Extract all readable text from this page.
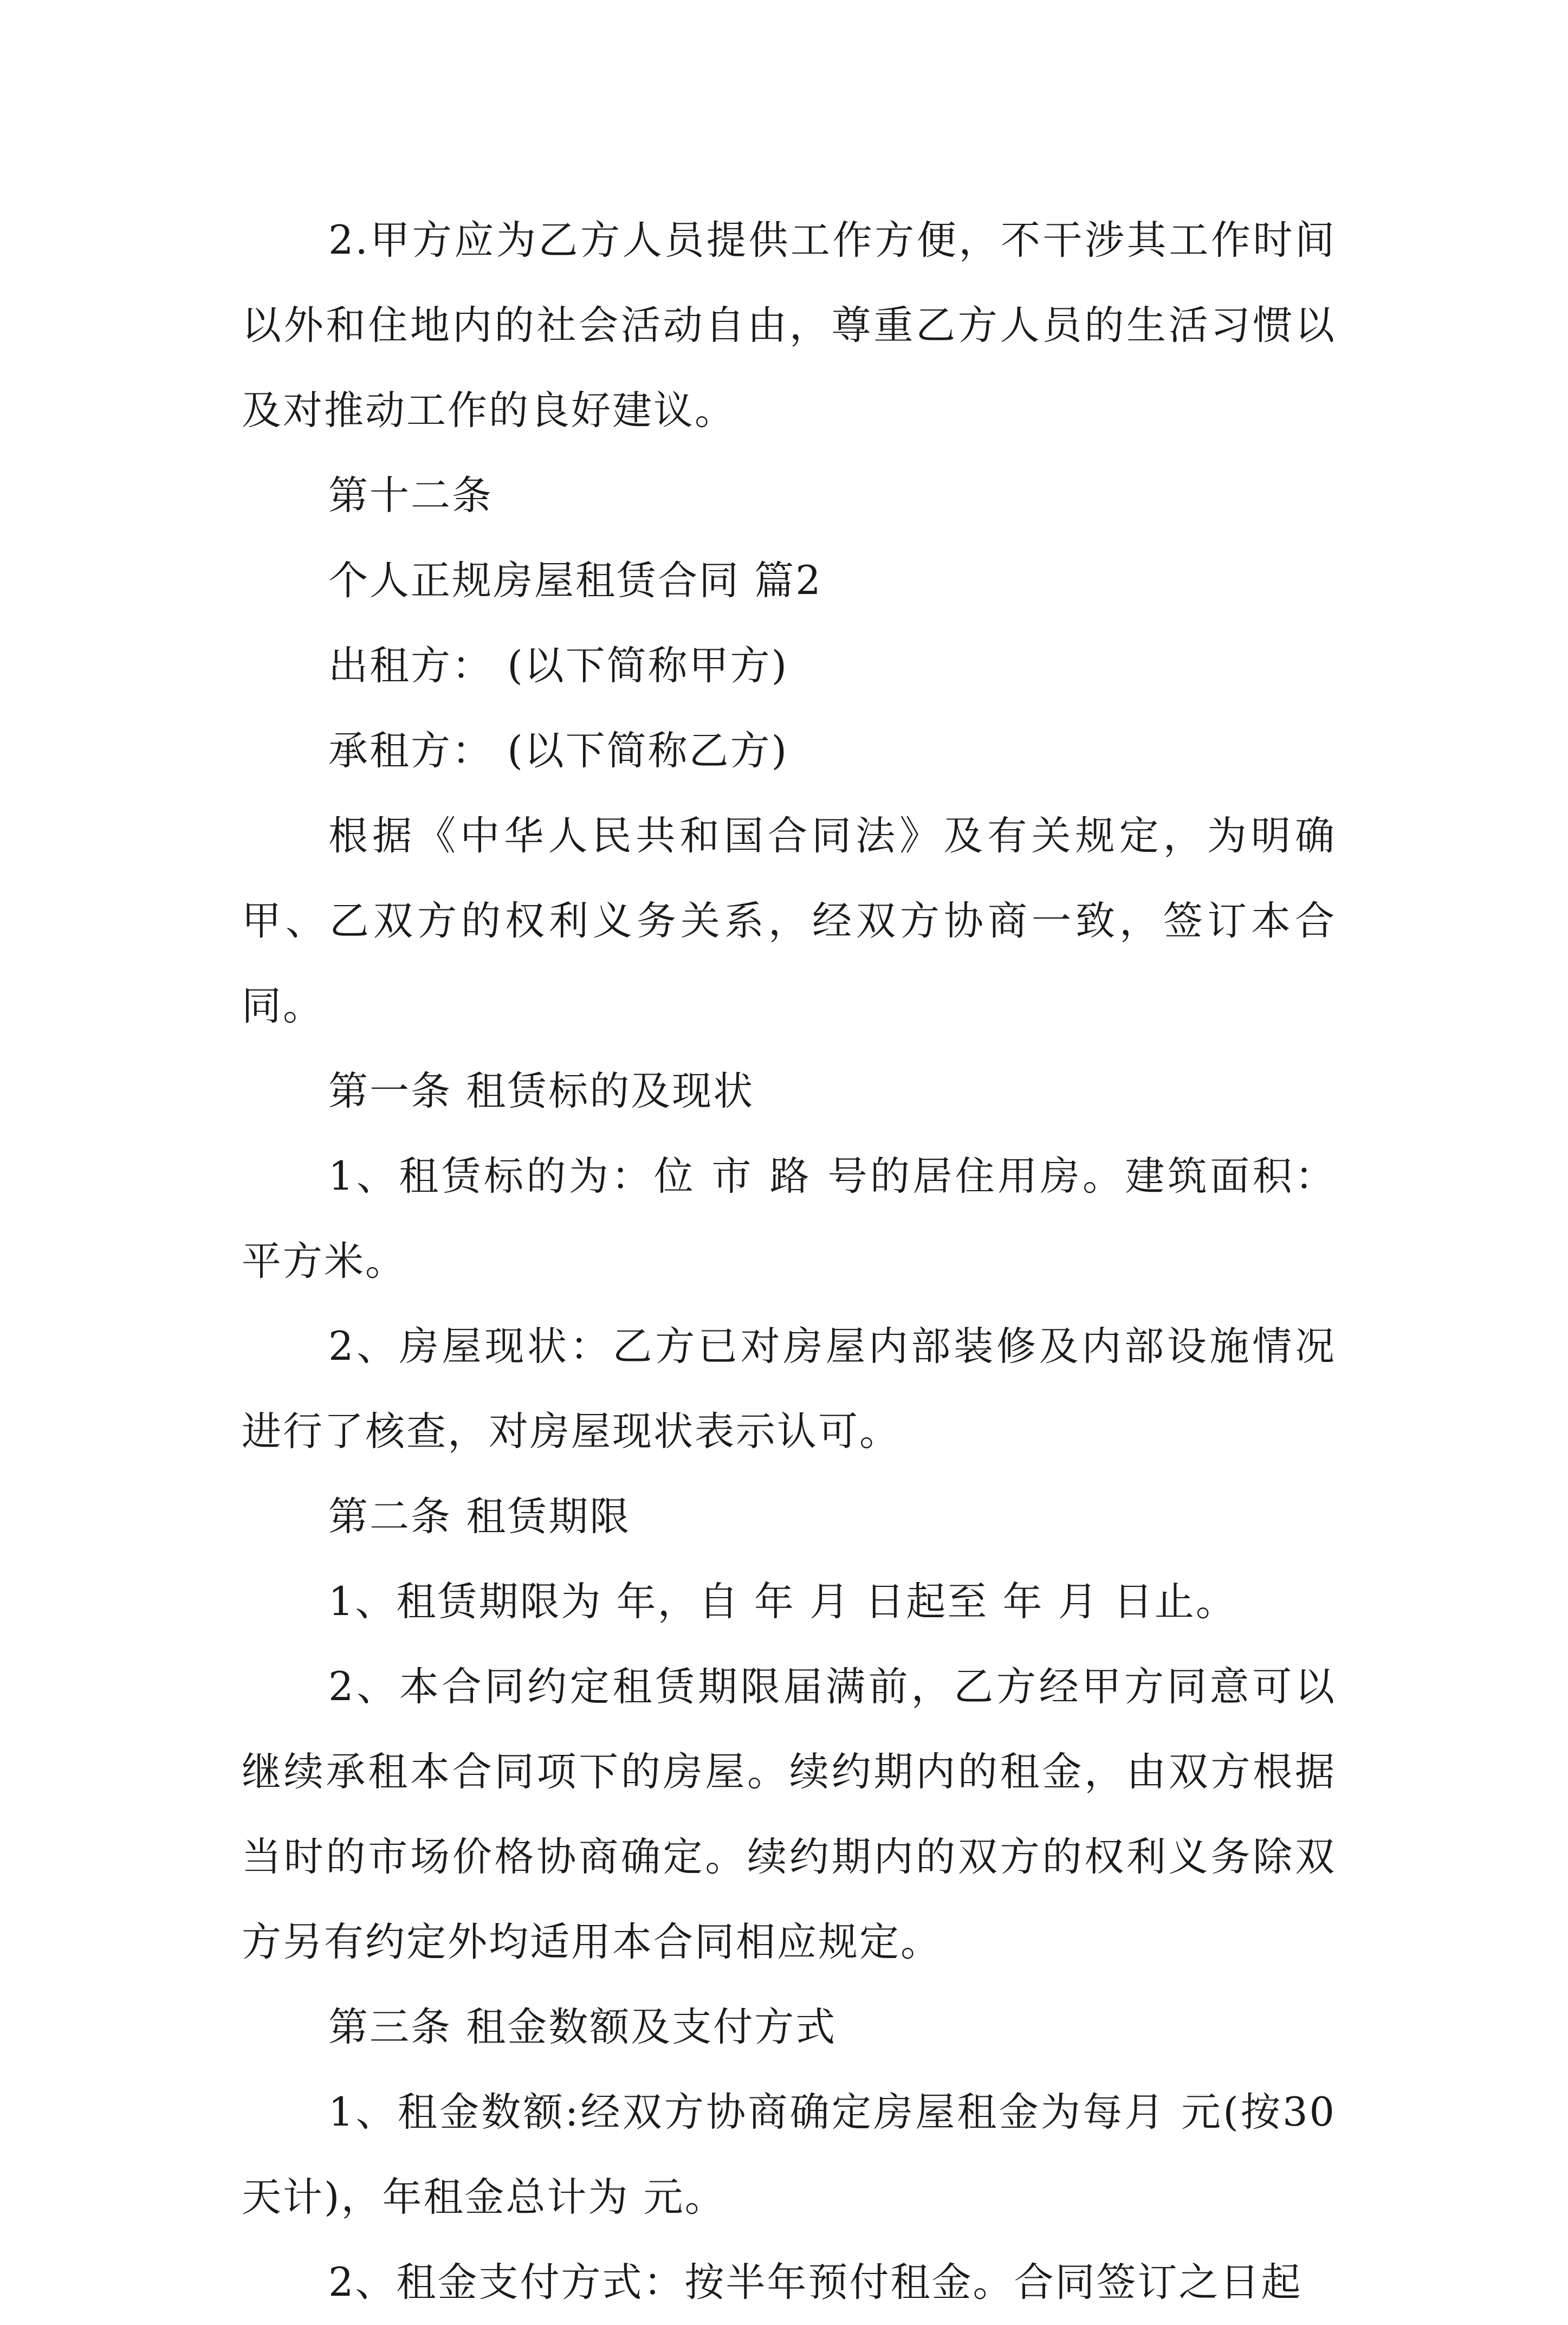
2.甲方应为乙方人员提供工作方便，不干涉其工作时间以外和住地内的社会活动自由，尊重乙方人员的生活习惯以及对推动工作的良好建议。

第十二条

个人正规房屋租赁合同 篇2

出租方： (以下简称甲方)

承租方： (以下简称乙方)

根据《中华人民共和国合同法》及有关规定，为明确甲、乙双方的权利义务关系，经双方协商一致，签订本合同。

第一条 租赁标的及现状

1、租赁标的为：位 市 路 号的居住用房。建筑面积：平方米。

2、房屋现状：乙方已对房屋内部装修及内部设施情况进行了核查，对房屋现状表示认可。

第二条 租赁期限

1、租赁期限为 年，自 年 月 日起至 年 月 日止。

2、本合同约定租赁期限届满前，乙方经甲方同意可以继续承租本合同项下的房屋。续约期内的租金，由双方根据当时的市场价格协商确定。续约期内的双方的权利义务除双方另有约定外均适用本合同相应规定。

第三条 租金数额及支付方式

1、租金数额:经双方协商确定房屋租金为每月 元(按30天计)，年租金总计为 元。

2、租金支付方式：按半年预付租金。合同签订之日起
